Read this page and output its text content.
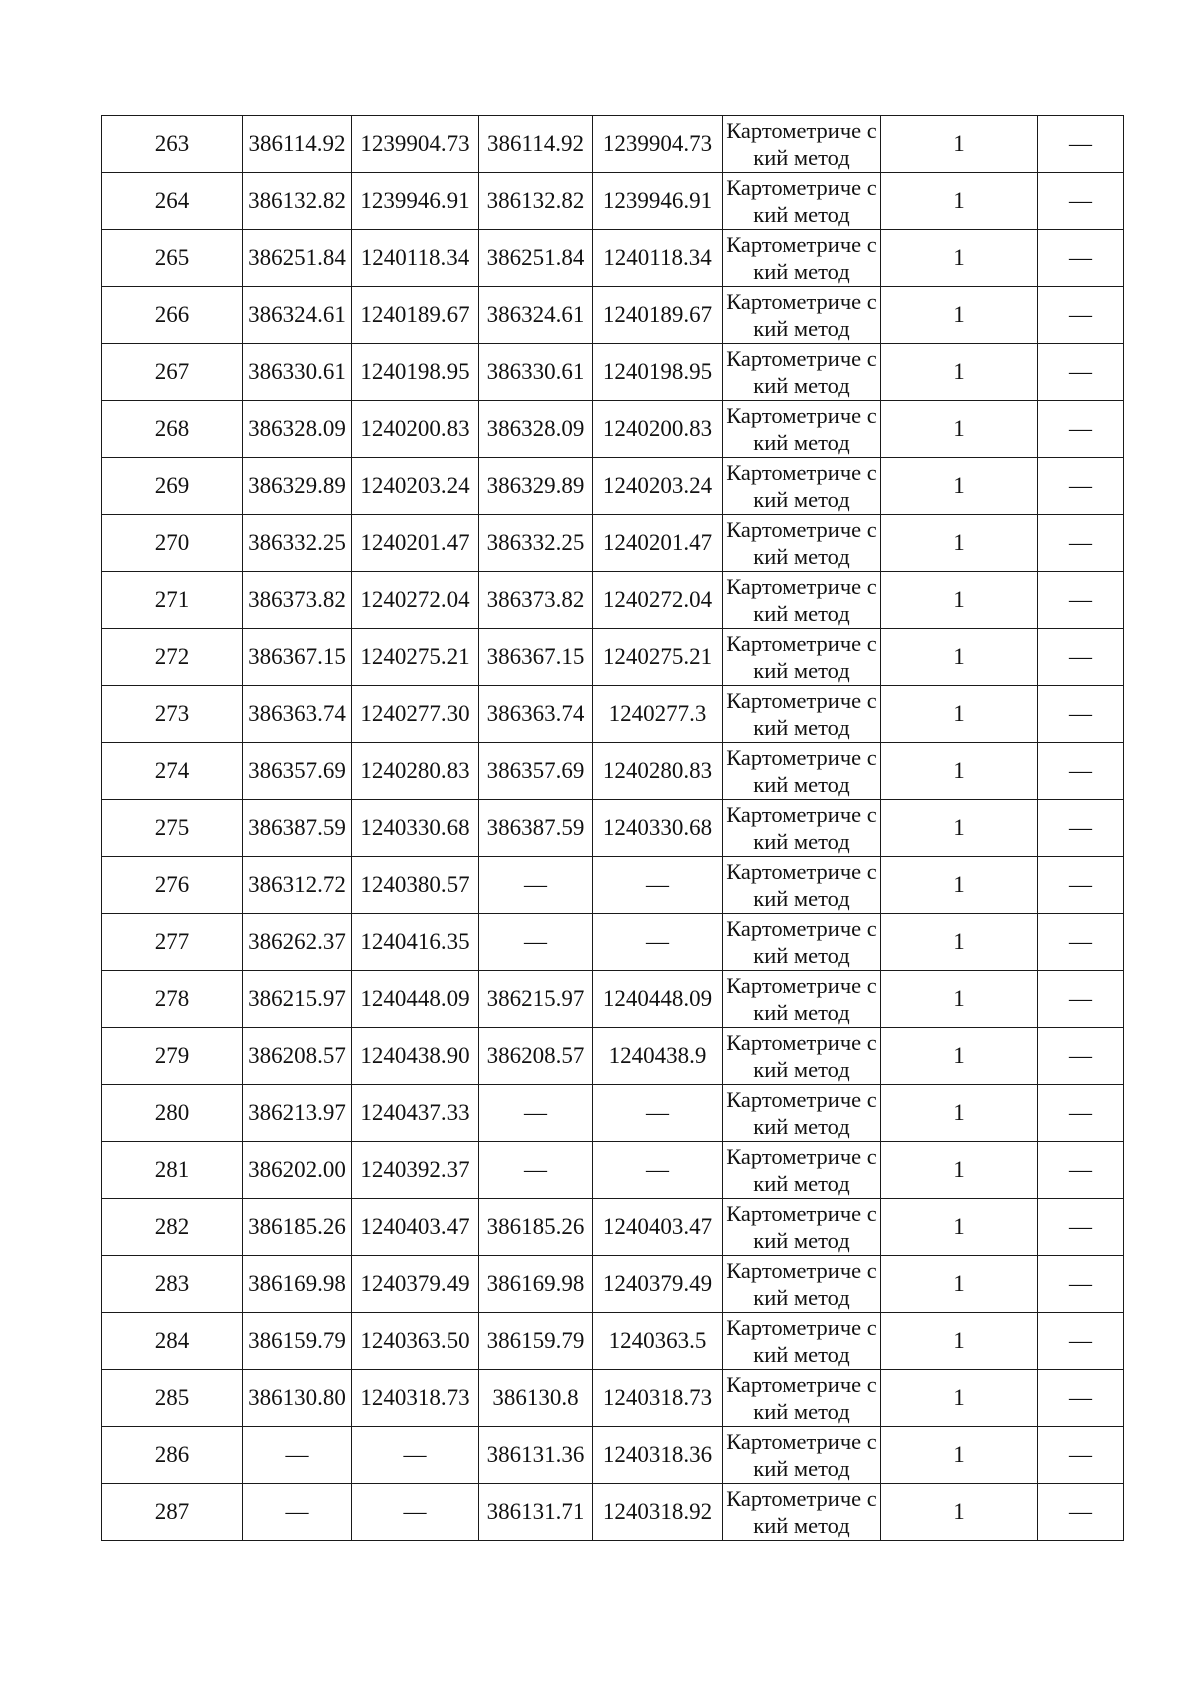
263	386114.92	1239904.73	386114.92	1239904.73	Картометриче ский метод	1	—
264	386132.82	1239946.91	386132.82	1239946.91	Картометриче ский метод	1	—
265	386251.84	1240118.34	386251.84	1240118.34	Картометриче ский метод	1	—
266	386324.61	1240189.67	386324.61	1240189.67	Картометриче ский метод	1	—
267	386330.61	1240198.95	386330.61	1240198.95	Картометриче ский метод	1	—
268	386328.09	1240200.83	386328.09	1240200.83	Картометриче ский метод	1	—
269	386329.89	1240203.24	386329.89	1240203.24	Картометриче ский метод	1	—
270	386332.25	1240201.47	386332.25	1240201.47	Картометриче ский метод	1	—
271	386373.82	1240272.04	386373.82	1240272.04	Картометриче ский метод	1	—
272	386367.15	1240275.21	386367.15	1240275.21	Картометриче ский метод	1	—
273	386363.74	1240277.30	386363.74	1240277.3	Картометриче ский метод	1	—
274	386357.69	1240280.83	386357.69	1240280.83	Картометриче ский метод	1	—
275	386387.59	1240330.68	386387.59	1240330.68	Картометриче ский метод	1	—
276	386312.72	1240380.57	—	—	Картометриче ский метод	1	—
277	386262.37	1240416.35	—	—	Картометриче ский метод	1	—
278	386215.97	1240448.09	386215.97	1240448.09	Картометриче ский метод	1	—
279	386208.57	1240438.90	386208.57	1240438.9	Картометриче ский метод	1	—
280	386213.97	1240437.33	—	—	Картометриче ский метод	1	—
281	386202.00	1240392.37	—	—	Картометриче ский метод	1	—
282	386185.26	1240403.47	386185.26	1240403.47	Картометриче ский метод	1	—
283	386169.98	1240379.49	386169.98	1240379.49	Картометриче ский метод	1	—
284	386159.79	1240363.50	386159.79	1240363.5	Картометриче ский метод	1	—
285	386130.80	1240318.73	386130.8	1240318.73	Картометриче ский метод	1	—
286	—	—	386131.36	1240318.36	Картометриче ский метод	1	—
287	—	—	386131.71	1240318.92	Картометриче ский метод	1	—
